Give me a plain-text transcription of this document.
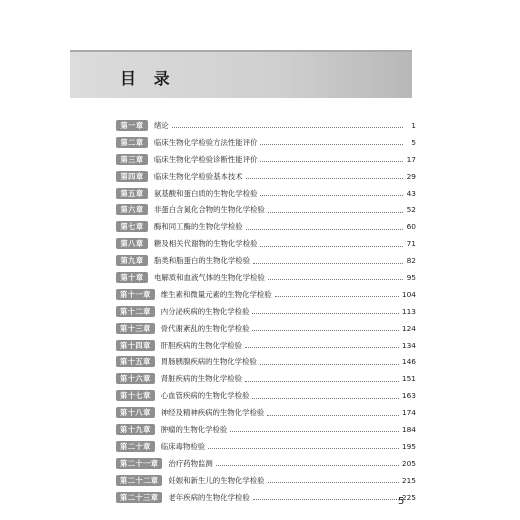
目 录
第一章	绪论	1
第二章	临床生物化学检验方法性能评价	5
第三章	临床生物化学检验诊断性能评价	17
第四章	临床生物化学检验基本技术	29
第五章	氨基酸和蛋白质的生物化学检验	43
第六章	非蛋白含氮化合物的生物化学检验	52
第七章	酶和同工酶的生物化学检验	60
第八章	糖及相关代谢物的生物化学检验	71
第九章	脂类和脂蛋白的生物化学检验	82
第十章	电解质和血液气体的生物化学检验	95
第十一章	维生素和微量元素的生物化学检验	104
第十二章	内分泌疾病的生物化学检验	113
第十三章	骨代谢紊乱的生物化学检验	124
第十四章	肝胆疾病的生物化学检验	134
第十五章	胃肠胰腺疾病的生物化学检验	146
第十六章	肾脏疾病的生物化学检验	151
第十七章	心血管疾病的生物化学检验	163
第十八章	神经及精神疾病的生物化学检验	174
第十九章	肿瘤的生物化学检验	184
第二十章	临床毒物检验	195
第二十一章	治疗药物监测	205
第二十二章	妊娠和新生儿的生物化学检验	215
第二十三章	老年疾病的生物化学检验	225
5
